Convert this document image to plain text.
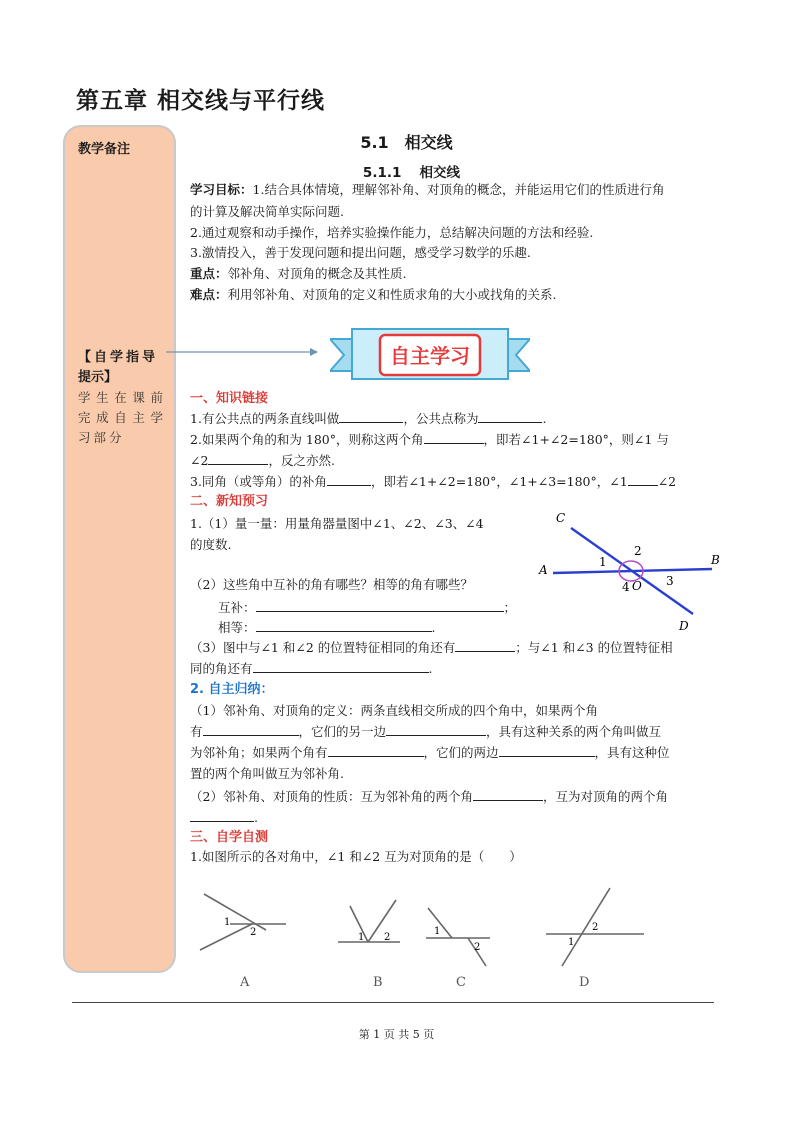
第五章 相交线与平行线
教学备注
【自学指导
提示】
学生在课前完成自主学习部分
5.1　相交线
5.1.1　 相交线
学习目标：1.结合具体情境，理解邻补角、对顶角的概念，并能运用它们的性质进行角
的计算及解决简单实际问题.
2.通过观察和动手操作，培养实验操作能力，总结解决问题的方法和经验.
3.激情投入，善于发现问题和提出问题，感受学习数学的乐趣.
重点：邻补角、对顶角的概念及其性质.
难点：利用邻补角、对顶角的定义和性质求角的大小或找角的关系.
自主学习
一、知识链接
1.有公共点的两条直线叫做	，公共点称为	.
2.如果两个角的和为 180°，则称这两个角	，即若∠1+∠2=180°，则∠1 与
∠2	，反之亦然.
3.同角（或等角）的补角	，即若∠1+∠2=180°，∠1+∠3=180°，∠1 ∠2
二、新知预习
1.（1）量一量：用量角器量图中∠1、∠2、∠3、∠4
的度数.
（2）这些角中互补的角有哪些？相等的角有哪些？
互补：	；
相等：	.
（3）图中与∠1 和∠2 的位置特征相同的角还有	；与∠1 和∠3 的位置特征相
同的角还有	.
C
A
B
D
O
1
2
3
4
2. 自主归纳：
（1）邻补角、对顶角的定义：两条直线相交所成的四个角中，如果两个角
有	，它们的另一边	，具有这种关系的两个角叫做互
为邻补角；如果两个角有	，它们的两边	，具有这种位
置的两个角叫做互为邻补角.
（2）邻补角、对顶角的性质：互为邻补角的两个角	，互为对顶角的两个角
.
三、自学自测
1.如图所示的各对角中，∠1 和∠2 互为对顶角的是（　　）
1
2
A
1 2
B
1
2
C
1
2
D
第 1 页 共 5 页
